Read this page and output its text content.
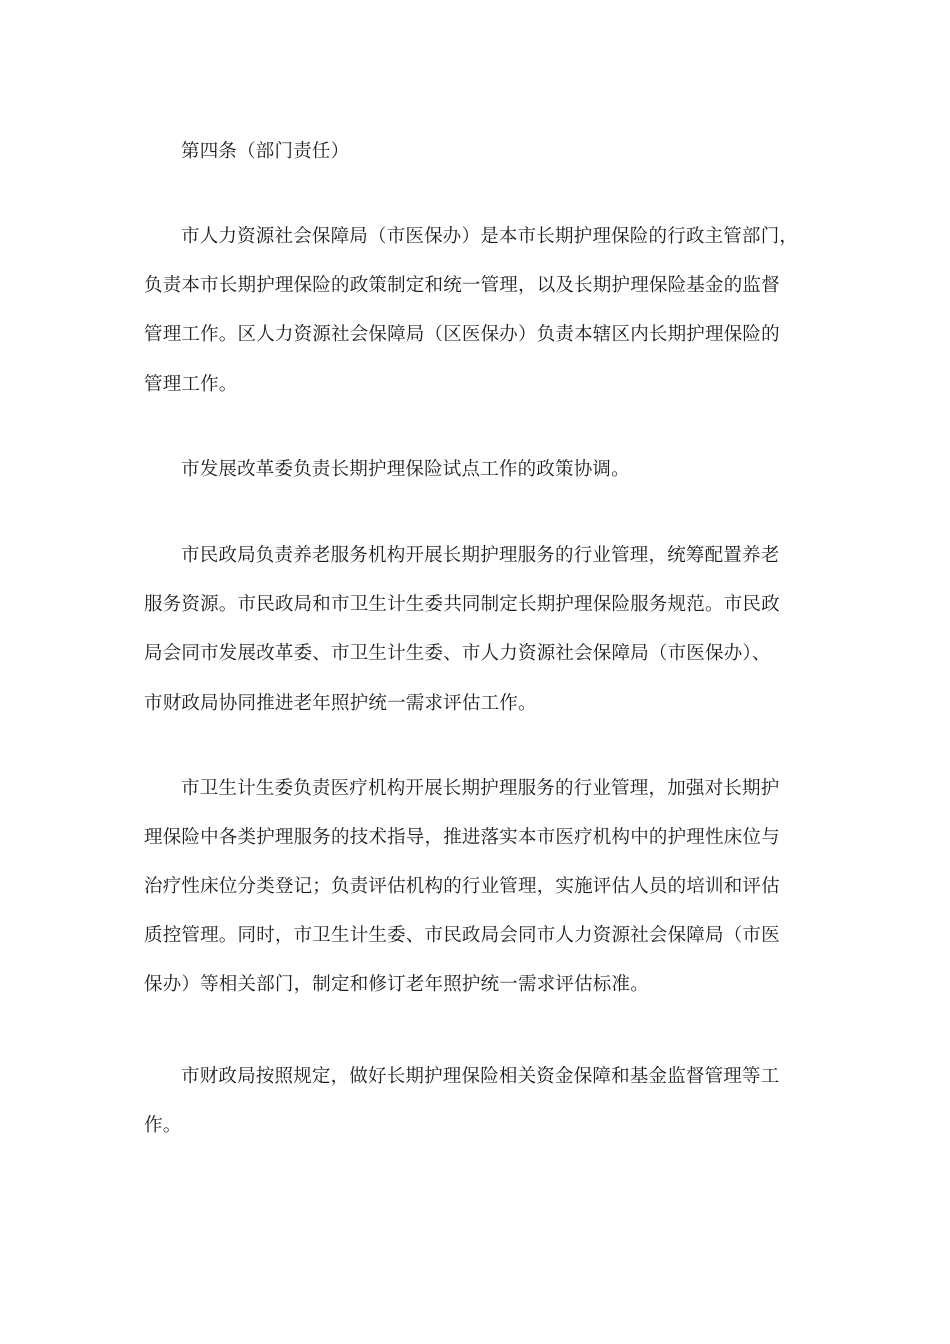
第四条（部门责任）
市人力资源社会保障局（市医保办）是本市长期护理保险的行政主管部门，
负责本市长期护理保险的政策制定和统一管理，以及长期护理保险基金的监督
管理工作。区人力资源社会保障局（区医保办）负责本辖区内长期护理保险的
管理工作。
市发展改革委负责长期护理保险试点工作的政策协调。
市民政局负责养老服务机构开展长期护理服务的行业管理，统筹配置养老
服务资源。市民政局和市卫生计生委共同制定长期护理保险服务规范。市民政
局会同市发展改革委、市卫生计生委、市人力资源社会保障局（市医保办）、
市财政局协同推进老年照护统一需求评估工作。
市卫生计生委负责医疗机构开展长期护理服务的行业管理，加强对长期护
理保险中各类护理服务的技术指导，推进落实本市医疗机构中的护理性床位与
治疗性床位分类登记；负责评估机构的行业管理，实施评估人员的培训和评估
质控管理。同时，市卫生计生委、市民政局会同市人力资源社会保障局（市医
保办）等相关部门，制定和修订老年照护统一需求评估标准。
市财政局按照规定，做好长期护理保险相关资金保障和基金监督管理等工
作。
